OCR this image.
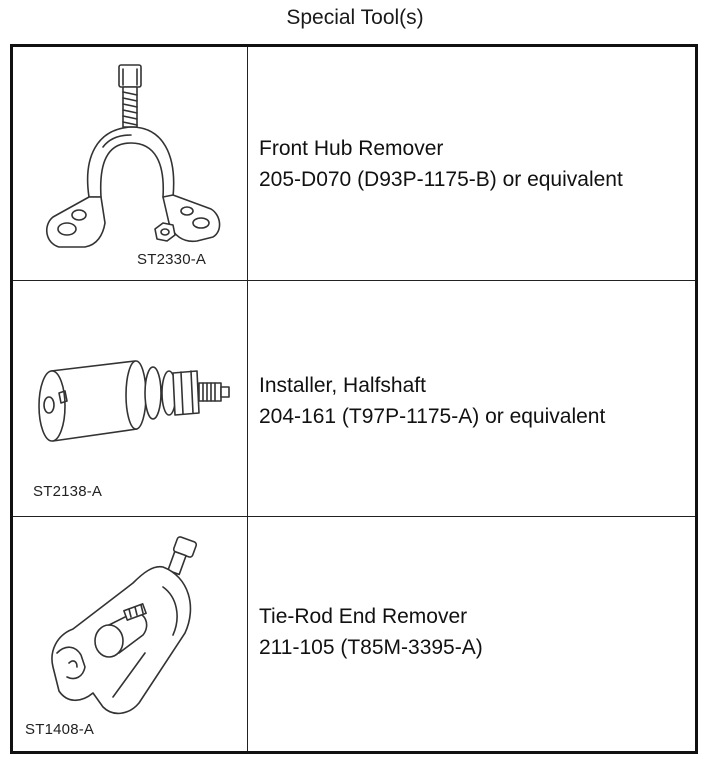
Special Tool(s)
ST2330-A
Front Hub Remover
205-D070 (D93P-1175-B) or equivalent
ST2138-A
Installer, Halfshaft
204-161 (T97P-1175-A) or equivalent
ST1408-A
Tie-Rod End Remover
211-105 (T85M-3395-A)
